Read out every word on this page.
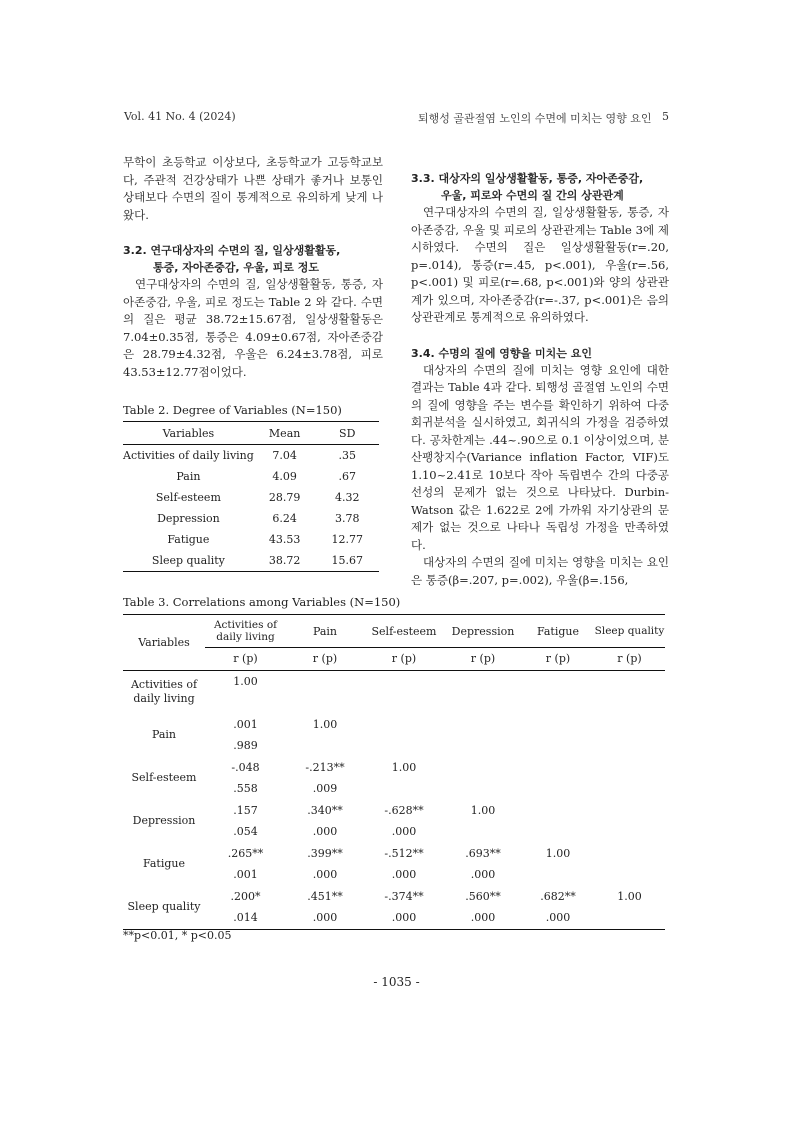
Vol. 41 No. 4 (2024)	퇴행성 골관절염 노인의 수면에 미치는 영향 요인 5

무학이 초등학교 이상보다, 초등학교가 고등학교보다, 주관적 건강상태가 나쁜 상태가 좋거나 보통인 상태보다 수면의 질이 통계적으로 유의하게 낮게 나왔다.

3.2. 연구대상자의 수면의 질, 일상생활활동,
통증, 자아존중감, 우울, 피로 정도

연구대상자의 수면의 질, 일상생활활동, 통증, 자아존중감, 우울, 피로 정도는 Table 2 와 같다. 수면의 질은 평균 38.72±15.67점, 일상생활활동은 7.04±0.35점, 통증은 4.09±0.67점, 자아존중감은 28.79±4.32점, 우울은 6.24±3.78점, 피로 43.53±12.77점이었다.

Table 2. Degree of Variables (N=150)
Variables	Mean	SD
Activities of daily living	7.04	.35
Pain	4.09	.67
Self-esteem	28.79	4.32
Depression	6.24	3.78
Fatigue	43.53	12.77
Sleep quality	38.72	15.67
3.3. 대상자의 일상생활활동, 통증, 자아존중감,
우울, 피로와 수면의 질 간의 상관관계

연구대상자의 수면의 질, 일상생활활동, 통증, 자아존중감, 우울 및 피로의 상관관계는 Table 3에 제시하였다. 수면의 질은 일상생활활동(r=.20, p=.014), 통증(r=.45, p<.001), 우울(r=.56, p<.001) 및 피로(r=.68, p<.001)와 양의 상관관계가 있으며, 자아존중감(r=-.37, p<.001)은 음의 상관관계로 통계적으로 유의하였다.

3.4. 수명의 질에 영향을 미치는 요인

대상자의 수면의 질에 미치는 영향 요인에 대한 결과는 Table 4과 같다. 퇴행성 골절염 노인의 수면의 질에 영향을 주는 변수를 확인하기 위하여 다중회귀분석을 실시하였고, 회귀식의 가정을 검증하였다. 공차한계는 .44~.90으로 0.1 이상이었으며, 분산팽창지수(Variance inflation Factor, VIF)도 1.10~2.41로 10보다 작아 독립변수 간의 다중공선성의 문제가 없는 것으로 나타났다. Durbin-Watson 값은 1.622로 2에 가까워 자기상관의 문제가 없는 것으로 나타나 독립성 가정을 만족하였다.

대상자의 수면의 질에 미치는 영향을 미치는 요인은 통증(β=.207, p=.002), 우울(β=.156,

Table 3. Correlations among Variables (N=150)
Variables	Activities of daily living	Pain	Self-esteem	Depression	Fatigue	Sleep quality
	r (p)	r (p)	r (p)	r (p)	r (p)	r (p)
Activities of daily living	1.00					

Pain	.001	1.00				
	.989					
Self-esteem	-.048	-.213**	1.00			
	.558	.009				
Depression	.157	.340**	-.628**	1.00		
	.054	.000	.000			
Fatigue	.265**	.399**	-.512**	.693**	1.00	
	.001	.000	.000	.000		
Sleep quality	.200*	.451**	-.374**	.560**	.682**	1.00
	.014	.000	.000	.000	.000	
**p<0.01, * p<0.05
- 1035 -
